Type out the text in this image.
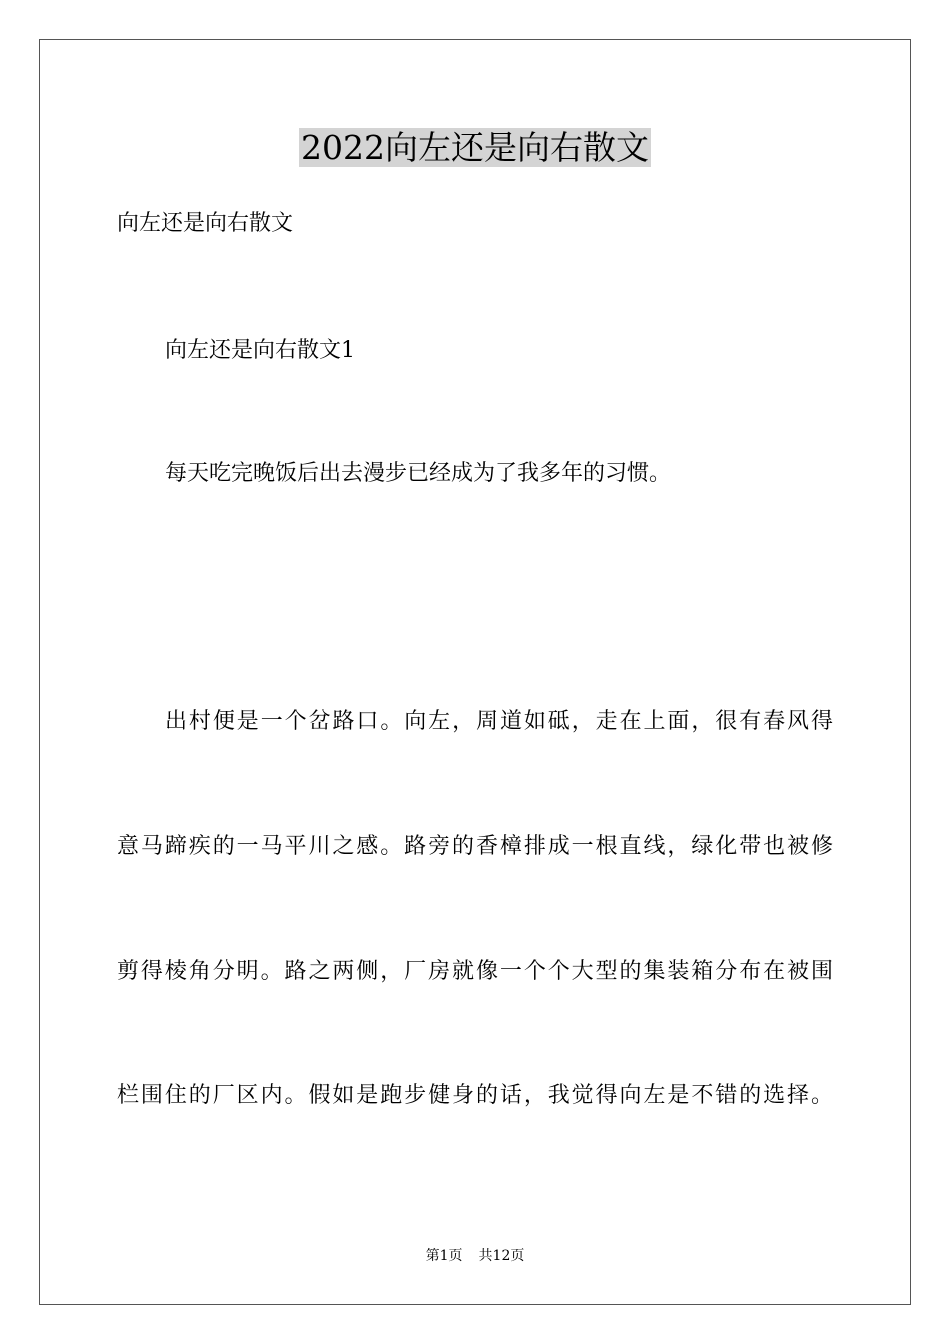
2022向左还是向右散文
向左还是向右散文
向左还是向右散文1
每天吃完晚饭后出去漫步已经成为了我多年的习惯。
出村便是一个岔路口。向左，周道如砥，走在上面，很有春风得
意马蹄疾的一马平川之感。路旁的香樟排成一根直线，绿化带也被修
剪得棱角分明。路之两侧，厂房就像一个个大型的集装箱分布在被围
栏围住的厂区内。假如是跑步健身的话，我觉得向左是不错的选择。
第1页 共12页
